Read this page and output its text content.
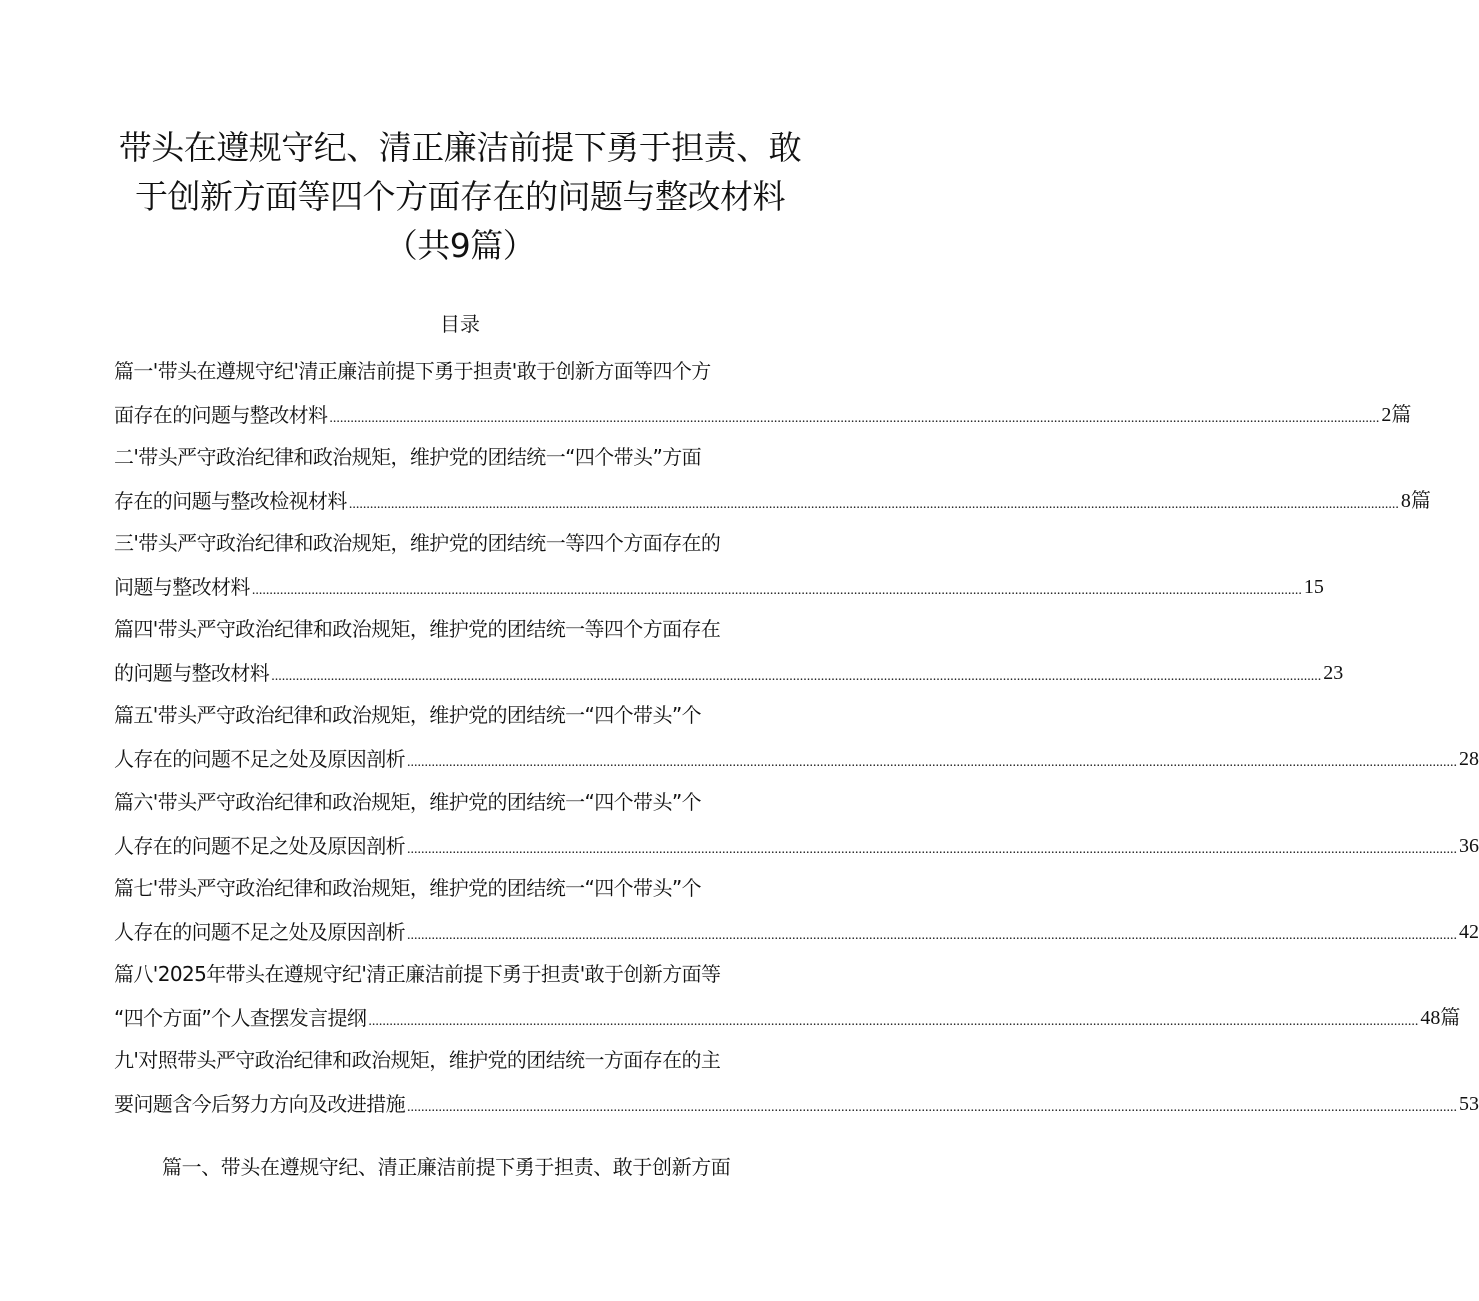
带头在遵规守纪、清正廉洁前提下勇于担责、敢
于创新方面等四个方面存在的问题与整改材料
（共9篇）
目录
篇一'带头在遵规守纪'清正廉洁前提下勇于担责'敢于创新方面等四个方
面存在的问题与整改材料 ............................................................................................................................................................................................................................................................................................................ 2篇
二'带头严守政治纪律和政治规矩，维护党的团结统一“四个带头”方面
存在的问题与整改检视材料 ............................................................................................................................................................................................................................................................................................................ 8篇
三'带头严守政治纪律和政治规矩，维护党的团结统一等四个方面存在的
问题与整改材料 ............................................................................................................................................................................................................................................................................................................ 15
篇四'带头严守政治纪律和政治规矩，维护党的团结统一等四个方面存在
的问题与整改材料 ............................................................................................................................................................................................................................................................................................................ 23
篇五'带头严守政治纪律和政治规矩，维护党的团结统一“四个带头”个
人存在的问题不足之处及原因剖析 ............................................................................................................................................................................................................................................................................................................ 28
篇六'带头严守政治纪律和政治规矩，维护党的团结统一“四个带头”个
人存在的问题不足之处及原因剖析 ............................................................................................................................................................................................................................................................................................................ 36
篇七'带头严守政治纪律和政治规矩，维护党的团结统一“四个带头”个
人存在的问题不足之处及原因剖析 ............................................................................................................................................................................................................................................................................................................ 42
篇八'2025年带头在遵规守纪'清正廉洁前提下勇于担责'敢于创新方面等
“四个方面”个人查摆发言提纲 ............................................................................................................................................................................................................................................................................................................ 48篇
九'对照带头严守政治纪律和政治规矩，维护党的团结统一方面存在的主
要问题含今后努力方向及改进措施 ............................................................................................................................................................................................................................................................................................................ 53
篇一、带头在遵规守纪、清正廉洁前提下勇于担责、敢于创新方面
